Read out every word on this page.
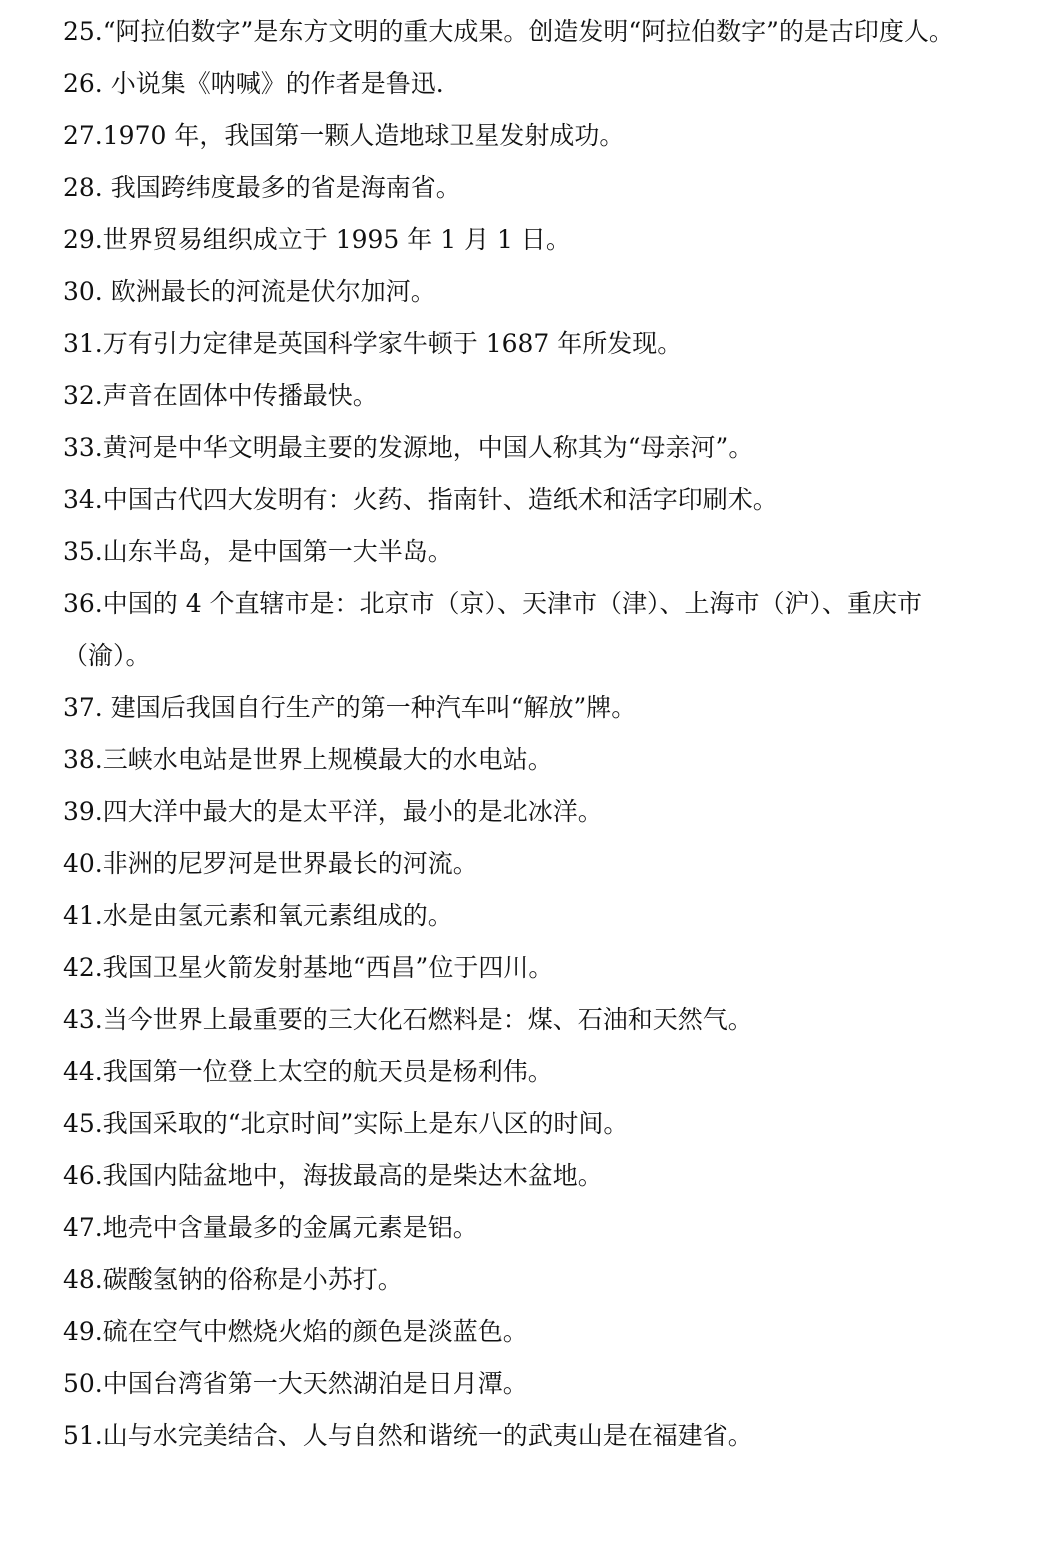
25.“阿拉伯数字”是东方文明的重大成果。创造发明“阿拉伯数字”的是古印度人。

26. 小说集《呐喊》的作者是鲁迅.

27.1970 年，我国第一颗人造地球卫星发射成功。

28. 我国跨纬度最多的省是海南省。

29.世界贸易组织成立于 1995 年 1 月 1 日。

30. 欧洲最长的河流是伏尔加河。

31.万有引力定律是英国科学家牛顿于 1687 年所发现。

32.声音在固体中传播最快。

33.黄河是中华文明最主要的发源地，中国人称其为“母亲河”。

34.中国古代四大发明有：火药、指南针、造纸术和活字印刷术。

35.山东半岛，是中国第一大半岛。

36.中国的 4 个直辖市是：北京市（京）、天津市（津）、上海市（沪）、重庆市（渝）。

37. 建国后我国自行生产的第一种汽车叫“解放”牌。

38.三峡水电站是世界上规模最大的水电站。

39.四大洋中最大的是太平洋，最小的是北冰洋。

40.非洲的尼罗河是世界最长的河流。

41.水是由氢元素和氧元素组成的。

42.我国卫星火箭发射基地“西昌”位于四川。

43.当今世界上最重要的三大化石燃料是：煤、石油和天然气。

44.我国第一位登上太空的航天员是杨利伟。

45.我国采取的“北京时间”实际上是东八区的时间。

46.我国内陆盆地中，海拔最高的是柴达木盆地。

47.地壳中含量最多的金属元素是铝。

48.碳酸氢钠的俗称是小苏打。

49.硫在空气中燃烧火焰的颜色是淡蓝色。

50.中国台湾省第一大天然湖泊是日月潭。

51.山与水完美结合、人与自然和谐统一的武夷山是在福建省。
